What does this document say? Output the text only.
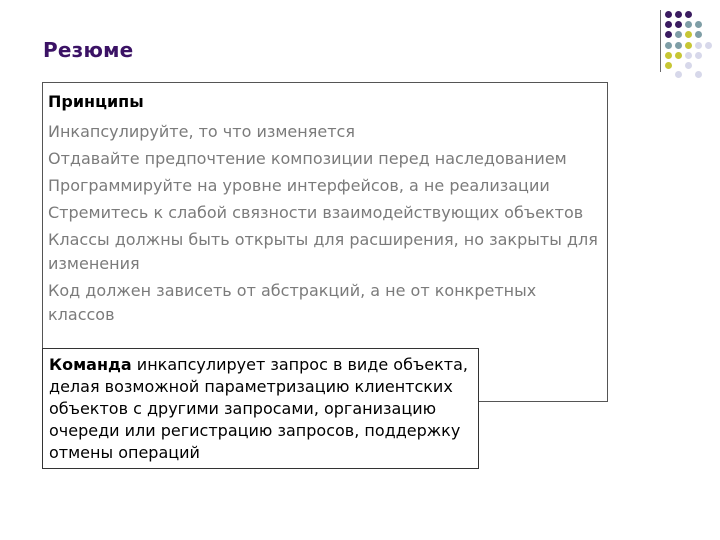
Резюме
Принципы
Инкапсулируйте, то что изменяется
Отдавайте предпочтение композиции перед наследованием
Программируйте на уровне интерфейсов, а не реализации
Стремитесь к слабой связности взаимодействующих объектов
Классы должны быть открыты для расширения, но закрыты для изменения
Код должен зависеть от абстракций, а не от конкретных классов
Команда инкапсулирует запрос в виде объекта, делая возможной параметризацию клиентских объектов с другими запросами, организацию очереди или регистрацию запросов, поддержку отмены операций
